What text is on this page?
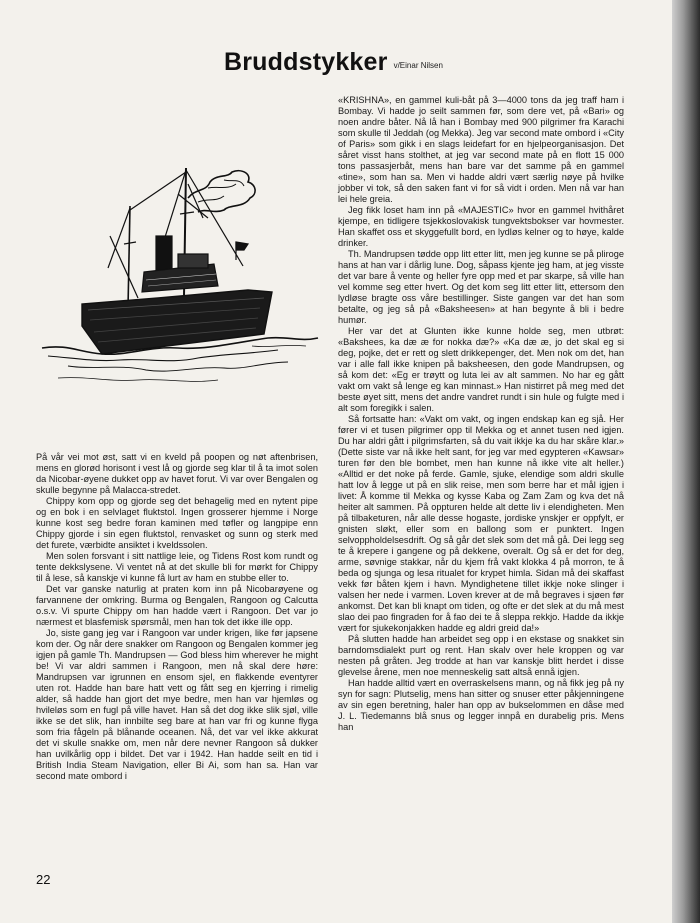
Bruddstykker v/Einar Nilsen

På vår vei mot øst, satt vi en kveld på poopen og nøt aftenbrisen, mens en glorød horisont i vest lå og gjorde seg klar til å ta imot solen da Nicobar-øyene dukket opp av havet forut. Vi var over Bengalen og skulle begynne på Malacca-stredet.

Chippy kom opp og gjorde seg det behagelig med en nytent pipe og en bok i en selvlaget fluktstol. Ingen grosserer hjemme i Norge kunne kost seg bedre foran kaminen med tøfler og langpipe enn Chippy gjorde i sin egen fluktstol, renvasket og sunn og sterk med det furete, værbidte ansiktet i kveldssolen.

Men solen forsvant i sitt nattlige leie, og Tidens Rost kom rundt og tente dekkslysene. Vi ventet nå at det skulle bli for mørkt for Chippy til å lese, så kanskje vi kunne få lurt av ham en stubbe eller to.

Det var ganske naturlig at praten kom inn på Nicobarøyene og farvannene der omkring. Burma og Bengalen, Rangoon og Calcutta o.s.v. Vi spurte Chippy om han hadde vært i Rangoon. Det var jo nærmest et blasfemisk spørsmål, men han tok det ikke ille opp.

Jo, siste gang jeg var i Rangoon var under krigen, like før japsene kom der. Og når dere snakker om Rangoon og Bengalen kommer jeg igjen på gamle Th. Mandrupsen — God bless him wherever he might be! Vi var aldri sammen i Rangoon, men nå skal dere høre: Mandrupsen var igrunnen en ensom sjel, en flakkende eventyrer uten rot. Hadde han bare hatt vett og fått seg en kjerring i rimelig alder, så hadde han gjort det mye bedre, men han var hjemløs og hvileløs som en fugl på ville havet. Han så det dog ikke slik sjøl, ville ikke se det slik, han innbilte seg bare at han var fri og kunne flyga som fria fågeln på blånande oceanen. Nå, det var vel ikke akkurat det vi skulle snakke om, men når dere nevner Rangoon så dukker han uvilkårlig opp i bildet. Det var i 1942. Han hadde seilt en tid i British India Steam Navigation, eller Bi Ai, som han sa. Han var second mate ombord i

«KRISHNA», en gammel kuli-båt på 3—4000 tons da jeg traff ham i Bombay. Vi hadde jo seilt sammen før, som dere vet, på «Bari» og noen andre båter. Nå lå han i Bombay med 900 pilgrimer fra Karachi som skulle til Jeddah (og Mekka). Jeg var second mate ombord i «City of Paris» som gikk i en slags leidefart for en hjelpeorganisasjon. Det såret visst hans stolthet, at jeg var second mate på en flott 15 000 tons passasjerbåt, mens han bare var det samme på en gammel «tine», som han sa. Men vi hadde aldri vært særlig nøye på hvilke jobber vi tok, så den saken fant vi for så vidt i orden. Men nå var han lei hele greia.

Jeg fikk loset ham inn på «MAJESTIC» hvor en gammel hvithåret kjempe, en tidligere tsjekkoslovakisk tungvektsbokser var hovmester. Han skaffet oss et skyggefullt bord, en lydløs kelner og to høye, kalde drinker.

Th. Mandrupsen tødde opp litt etter litt, men jeg kunne se på pliroge hans at han var i dårlig lune. Dog, såpass kjente jeg ham, at jeg visste det var bare å vente og heller fyre opp med et par skarpe, så ville han vel komme seg etter hvert. Og det kom seg litt etter litt, ettersom den lydløse bragte oss våre bestillinger. Siste gangen var det han som betalte, og jeg så på «Baksheesen» at han begynte å bli i bedre humør.

Her var det at Glunten ikke kunne holde seg, men utbrøt: «Bakshees, ka dæ æ for nokka dæ?» «Ka dæ æ, jo det skal eg si deg, pojke, det er rett og slett drikkepenger, det. Men nok om det, han var i alle fall ikke knipen på baksheesen, den gode Mandrupsen, og så kom det: «Eg er trøytt og luta lei av alt sammen. No har eg gått vakt om vakt så lenge eg kan minnast.» Han nistirret på meg med det beste øyet sitt, mens det andre vandret rundt i sin hule og fulgte med i alt som foregikk i salen.

Så fortsatte han: «Vakt om vakt, og ingen endskap kan eg sjå. Her fører vi et tusen pilgrimer opp til Mekka og et annet tusen ned igjen. Du har aldri gått i pilgrimsfarten, så du vait ikkje ka du har skåre klar.» (Dette siste var nå ikke helt sant, for jeg var med egypteren «Kawsar» turen før den ble bombet, men han kunne nå ikke vite alt heller.) «Alltid er det noke på ferde. Gamle, sjuke, elendige som aldri skulle hatt lov å legge ut på en slik reise, men som berre har et mål igjen i livet: Å komme til Mekka og kysse Kaba og Zam Zam og kva det nå heiter alt sammen. På oppturen helde alt dette liv i elendigheten. Men på tilbaketuren, når alle desse hogaste, jordiske ynskjer er oppfylt, er gnisten sløkt, eller som en ballong som er punktert. Ingen selvoppholdelsesdrift. Og så går det slek som det må gå. Dei legg seg te å krepere i gangene og på dekkene, overalt. Og så er det for deg, arme, søvnige stakkar, når du kjem frå vakt klokka 4 på morron, te å beda og sjunga og lesa ritualet for krypet himla. Sidan må dei skaffast vekk før båten kjem i havn. Myndighetene tillet ikkje noke slinger i valsen her nede i varmen. Loven krever at de må begraves i sjøen før ankomst. Det kan bli knapt om tiden, og ofte er det slek at du må mest slao dei pao fingraden for å fao dei te å sleppa rekkjo. Hadde da ikkje vært for sjukekonjakken hadde eg aldri greid da!»

På slutten hadde han arbeidet seg opp i en ekstase og snakket sin barndomsdialekt purt og rent. Han skalv over hele kroppen og var nesten på gråten. Jeg trodde at han var kanskje blitt herdet i disse glevelse årene, men noe menneskelig satt altså ennå igjen.

Han hadde alltid vært en overraskelsens mann, og nå fikk jeg på ny syn for sagn: Plutselig, mens han sitter og snuser etter påkjenningene av sin egen beretning, haler han opp av bukselommen en dåse med J. L. Tiedemanns blå snus og legger innpå en durabelig pris. Mens han

22
